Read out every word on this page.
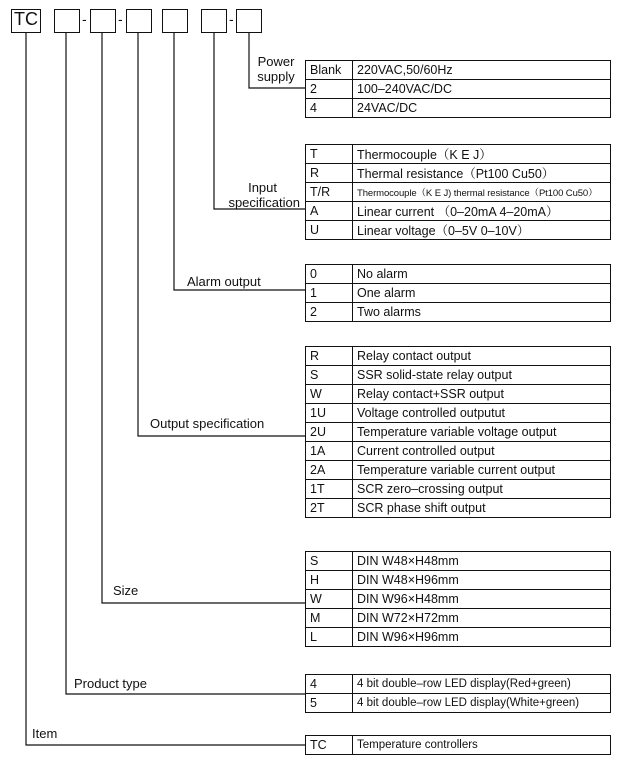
TC	- -	-
Power
supply
Input
specification
Alarm output
Output specification
Size
Product type
Item
Blank	220VAC,50/60Hz
2	100–240VAC/DC
4	24VAC/DC
T	Thermocouple（K E J）
R	Thermal resistance（Pt100 Cu50）
T/R	Thermocouple（K E J) thermal resistance（Pt100 Cu50）
A	Linear current （0–20mA 4–20mA）
U	Linear voltage（0–5V 0–10V）
0	No alarm
1	One alarm
2	Two alarms
R	Relay contact output
S	SSR solid-state relay output
W	Relay contact+SSR output
1U	Voltage controlled outputut
2U	Temperature variable voltage output
1A	Current controlled output
2A	Temperature variable current output
1T	SCR zero–crossing output
2T	SCR phase shift output
S	DIN W48×H48mm
H	DIN W48×H96mm
W	DIN W96×H48mm
M	DIN W72×H72mm
L	DIN W96×H96mm
4	4 bit double–row LED display(Red+green)
5	4 bit double–row LED display(White+green)
TC	Temperature controllers
